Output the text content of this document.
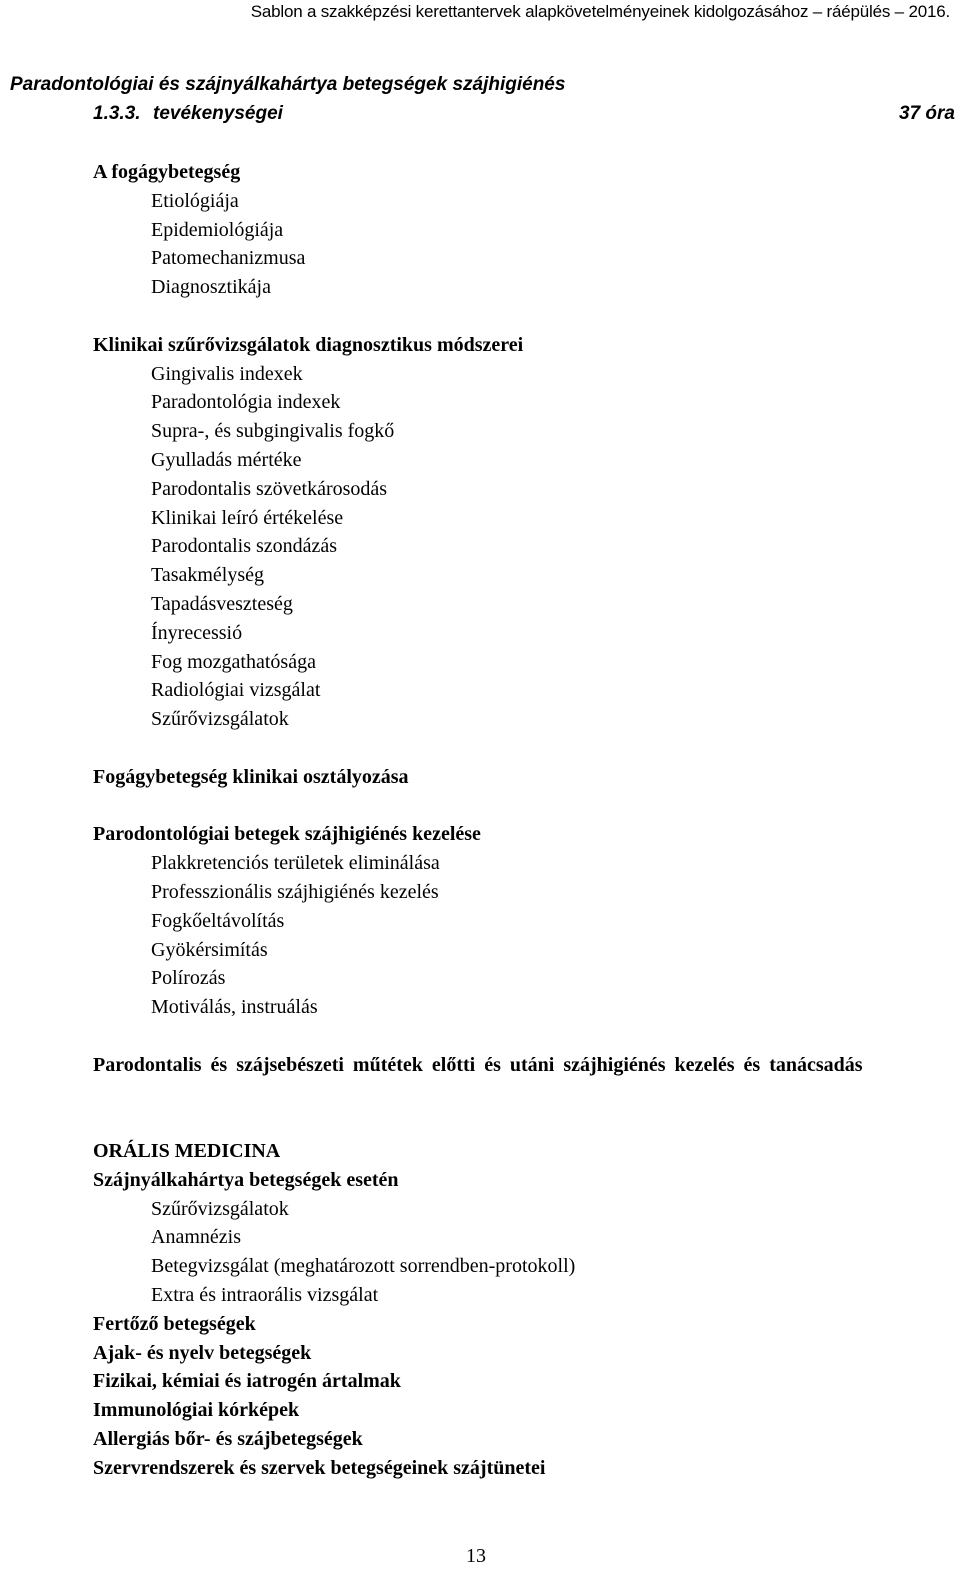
Sablon a szakképzési kerettantervek alapkövetelményeinek kidolgozásához – ráépülés – 2016.
Paradontológiai és szájnyálkahártya betegségek szájhigiénés
1.3.3. tevékenységei	37 óra
A fogágybetegség
Etiológiája
Epidemiológiája
Patomechanizmusa
Diagnosztikája
Klinikai szűrővizsgálatok diagnosztikus módszerei
Gingivalis indexek
Paradontológia indexek
Supra-, és subgingivalis fogkő
Gyulladás mértéke
Parodontalis szövetkárosodás
Klinikai leíró értékelése
Parodontalis szondázás
Tasakmélység
Tapadásveszteség
Ínyrecessió
Fog mozgathatósága
Radiológiai vizsgálat
Szűrővizsgálatok
Fogágybetegség klinikai osztályozása
Parodontológiai betegek szájhigiénés kezelése
Plakkretenciós területek eliminálása
Professzionális szájhigiénés kezelés
Fogkőeltávolítás
Gyökérsimítás
Polírozás
Motiválás, instruálás
Parodontalis és szájsebészeti műtétek előtti és utáni szájhigiénés kezelés és tanácsadás
ORÁLIS MEDICINA
Szájnyálkahártya betegségek esetén
Szűrővizsgálatok
Anamnézis
Betegvizsgálat (meghatározott sorrendben-protokoll)
Extra és intraorális vizsgálat
Fertőző betegségek
Ajak- és nyelv betegségek
Fizikai, kémiai és iatrogén ártalmak
Immunológiai kórképek
Allergiás bőr- és szájbetegségek
Szervrendszerek és szervek betegségeinek szájtünetei
13
